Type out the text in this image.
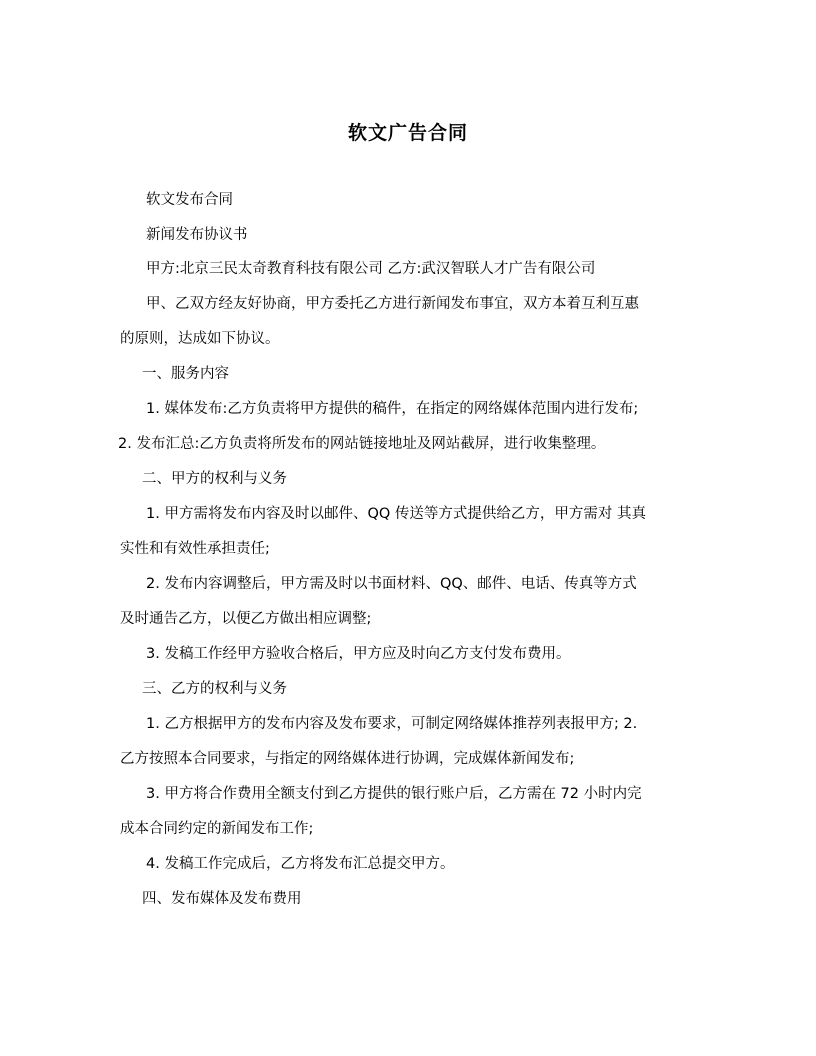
软文广告合同
软文发布合同
新闻发布协议书
甲方:北京三民太奇教育科技有限公司 乙方:武汉智联人才广告有限公司
甲、乙双方经友好协商，甲方委托乙方进行新闻发布事宜，双方本着互利互惠
的原则，达成如下协议。
一、服务内容
1. 媒体发布:乙方负责将甲方提供的稿件，在指定的网络媒体范围内进行发布;
2. 发布汇总:乙方负责将所发布的网站链接地址及网站截屏，进行收集整理。
二、甲方的权利与义务
1. 甲方需将发布内容及时以邮件、QQ 传送等方式提供给乙方，甲方需对 其真
实性和有效性承担责任;
2. 发布内容调整后，甲方需及时以书面材料、QQ、邮件、电话、传真等方式
及时通告乙方，以便乙方做出相应调整;
3. 发稿工作经甲方验收合格后，甲方应及时向乙方支付发布费用。
三、乙方的权利与义务
1. 乙方根据甲方的发布内容及发布要求，可制定网络媒体推荐列表报甲方; 2.
乙方按照本合同要求，与指定的网络媒体进行协调，完成媒体新闻发布;
3. 甲方将合作费用全额支付到乙方提供的银行账户后，乙方需在 72 小时内完
成本合同约定的新闻发布工作;
4. 发稿工作完成后，乙方将发布汇总提交甲方。
四、发布媒体及发布费用
